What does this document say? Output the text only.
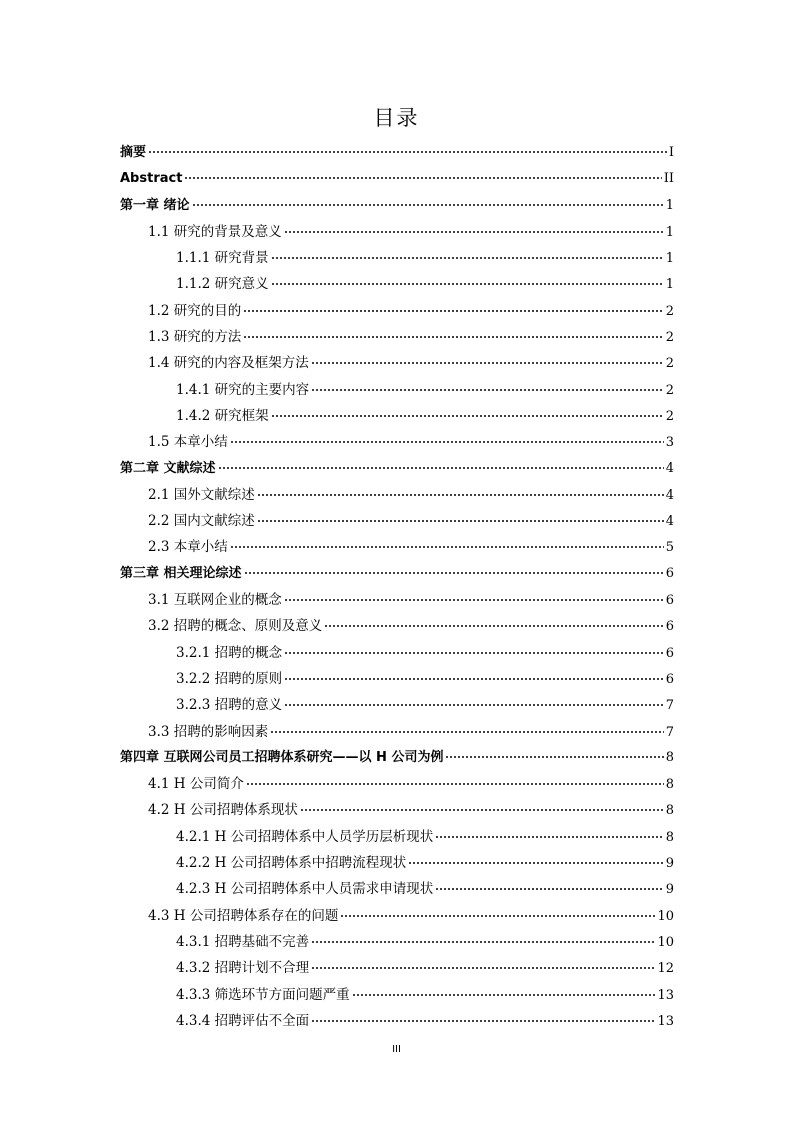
目录
摘要	I
Abstract	II
第一章 绪论	1
1.1 研究的背景及意义	1
1.1.1 研究背景	1
1.1.2 研究意义	1
1.2 研究的目的	2
1.3 研究的方法	2
1.4 研究的内容及框架方法	2
1.4.1 研究的主要内容	2
1.4.2 研究框架	2
1.5 本章小结	3
第二章 文献综述	4
2.1 国外文献综述	4
2.2 国内文献综述	4
2.3 本章小结	5
第三章 相关理论综述	6
3.1 互联网企业的概念	6
3.2 招聘的概念、原则及意义	6
3.2.1 招聘的概念	6
3.2.2 招聘的原则	6
3.2.3 招聘的意义	7
3.3 招聘的影响因素	7
第四章 互联网公司员工招聘体系研究——以 H 公司为例	8
4.1 H 公司简介	8
4.2 H 公司招聘体系现状	8
4.2.1 H 公司招聘体系中人员学历层析现状	8
4.2.2 H 公司招聘体系中招聘流程现状	9
4.2.3 H 公司招聘体系中人员需求申请现状	9
4.3 H 公司招聘体系存在的问题	10
4.3.1 招聘基础不完善	10
4.3.2 招聘计划不合理	12
4.3.3 筛选环节方面问题严重	13
4.3.4 招聘评估不全面	13
III
